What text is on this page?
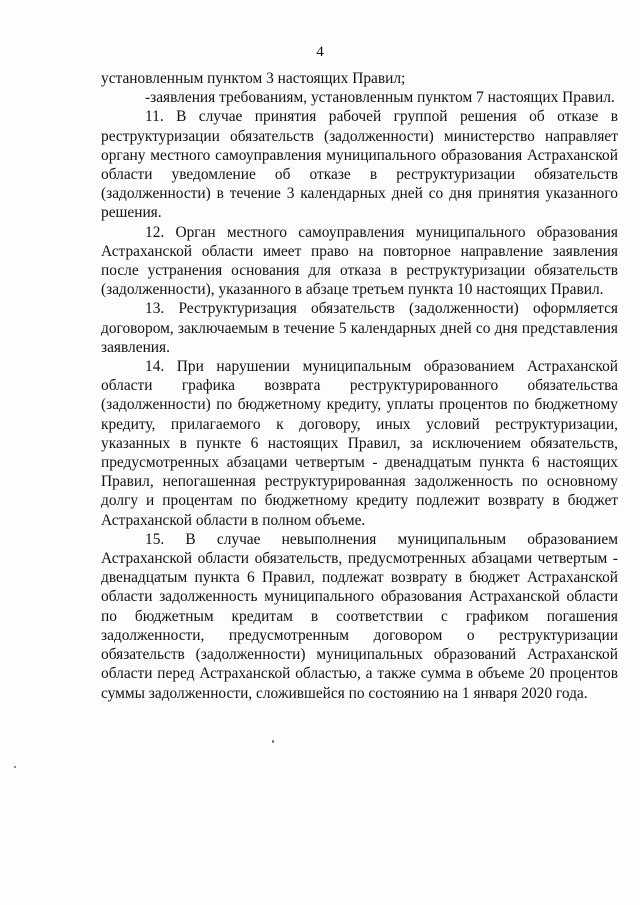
4

установленным пунктом 3 настоящих Правил;

-заявления требованиям, установленным пунктом 7 настоящих Правил.

11. В случае принятия рабочей группой решения об отказе в реструктуризации обязательств (задолженности) министерство направляет органу местного самоуправления муниципального образования Астраханской области уведомление об отказе в реструктуризации обязательств (задолженности) в течение 3 календарных дней со дня принятия указанного решения.

12. Орган местного самоуправления муниципального образования Астраханской области имеет право на повторное направление заявления после устранения основания для отказа в реструктуризации обязательств (задолженности), указанного в абзаце третьем пункта 10 настоящих Правил.

13. Реструктуризация обязательств (задолженности) оформляется договором, заключаемым в течение 5 календарных дней со дня представления заявления.

14. При нарушении муниципальным образованием Астраханской области графика возврата реструктурированного обязательства (задолженности) по бюджетному кредиту, уплаты процентов по бюджетному кредиту, прилагаемого к договору, иных условий реструктуризации, указанных в пункте 6 настоящих Правил, за исключением обязательств, предусмотренных абзацами четвертым - двенадцатым пункта 6 настоящих Правил, непогашенная реструктурированная задолженность по основному долгу и процентам по бюджетному кредиту подлежит возврату в бюджет Астраханской области в полном объеме.

15. В случае невыполнения муниципальным образованием Астраханской области обязательств, предусмотренных абзацами четвертым - двенадцатым пункта 6 Правил, подлежат возврату в бюджет Астраханской области задолженность муниципального образования Астраханской области по бюджетным кредитам в соответствии с графиком погашения задолженности, предусмотренным договором о реструктуризации обязательств (задолженности) муниципальных образований Астраханской области перед Астраханской областью, а также сумма в объеме 20 процентов суммы задолженности, сложившейся по состоянию на 1 января 2020 года.
